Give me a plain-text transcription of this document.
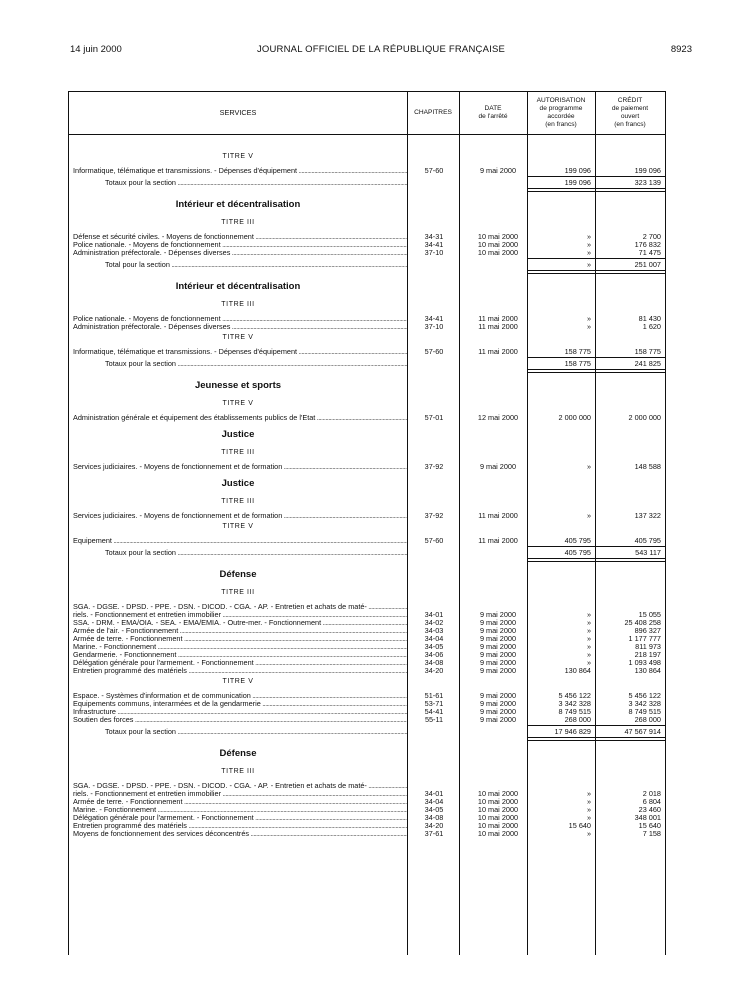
14 juin 2000	JOURNAL OFFICIEL DE LA RÉPUBLIQUE FRANÇAISE	8923
SERVICES	CHAPITRES
DATE
de l'arrêté
AUTORISATION
de programme
accordée
(en francs)
CRÉDIT
de paiement
ouvert
(en francs)
TITRE V
Informatique, télématique et transmissions. - Dépenses d'équipement .....	57-60	9 mai 2000	199 096	199 096
Totaux pour la section .....	199 096	323 139
Intérieur et décentralisation
TITRE III
Défense et sécurité civiles. - Moyens de fonctionnement .....	34-31	10 mai 2000	»	2 700
Police nationale. - Moyens de fonctionnement .....	34-41	10 mai 2000	»	176 832
Administration préfectorale. - Dépenses diverses .....	37-10	10 mai 2000	»	71 475
Total pour la section .....	»	251 007
Intérieur et décentralisation
TITRE III
Police nationale. - Moyens de fonctionnement .....	34-41	11 mai 2000	»	81 430
Administration préfectorale. - Dépenses diverses .....	37-10	11 mai 2000	»	1 620
TITRE V
Informatique, télématique et transmissions. - Dépenses d'équipement .....	57-60	11 mai 2000	158 775	158 775
Totaux pour la section .....	158 775	241 825
Jeunesse et sports
TITRE V
Administration générale et équipement des établissements publics de l'Etat .....	57-01	12 mai 2000	2 000 000	2 000 000
Justice
TITRE III
Services judiciaires. - Moyens de fonctionnement et de formation .....	37-92	9 mai 2000	»	148 588
Justice
TITRE III
Services judiciaires. - Moyens de fonctionnement et de formation .....	37-92	11 mai 2000	»	137 322
TITRE V
Equipement .....	57-60	11 mai 2000	405 795	405 795
Totaux pour la section .....	405 795	543 117
Défense
TITRE III
SGA. - DGSE. - DPSD. - PPE. - DSN. - DICOD. - CGA. - AP. - Entretien et achats de maté- .....
riels. - Fonctionnement et entretien immobilier .....	34-01	9 mai 2000	»	15 055
SSA. - DRM. - EMA/OIA. - SEA. - EMA/EMIA. - Outre-mer. - Fonctionnement .....	34-02	9 mai 2000	»	25 408 258
Armée de l'air. - Fonctionnement .....	34-03	9 mai 2000	»	896 327
Armée de terre. - Fonctionnement .....	34-04	9 mai 2000	»	1 177 777
Marine. - Fonctionnement .....	34-05	9 mai 2000	»	811 973
Gendarmerie. - Fonctionnement .....	34-06	9 mai 2000	»	218 197
Délégation générale pour l'armement. - Fonctionnement .....	34-08	9 mai 2000	»	1 093 498
Entretien programmé des matériels .....	34-20	9 mai 2000	130 864	130 864
TITRE V
Espace. - Systèmes d'information et de communication .....	51-61	9 mai 2000	5 456 122	5 456 122
Equipements communs, interarmées et de la gendarmerie .....	53-71	9 mai 2000	3 342 328	3 342 328
Infrastructure .....	54-41	9 mai 2000	8 749 515	8 749 515
Soutien des forces .....	55-11	9 mai 2000	268 000	268 000
Totaux pour la section .....	17 946 829	47 567 914
Défense
TITRE III
SGA. - DGSE. - DPSD. - PPE. - DSN. - DICOD. - CGA. - AP. - Entretien et achats de maté- .....
riels. - Fonctionnement et entretien immobilier .....	34-01	10 mai 2000	»	2 018
Armée de terre. - Fonctionnement .....	34-04	10 mai 2000	»	6 804
Marine. - Fonctionnement .....	34-05	10 mai 2000	»	23 460
Délégation générale pour l'armement. - Fonctionnement .....	34-08	10 mai 2000	»	348 001
Entretien programmé des matériels .....	34-20	10 mai 2000	15 640	15 640
Moyens de fonctionnement des services déconcentrés .....	37-61	10 mai 2000	»	7 158
